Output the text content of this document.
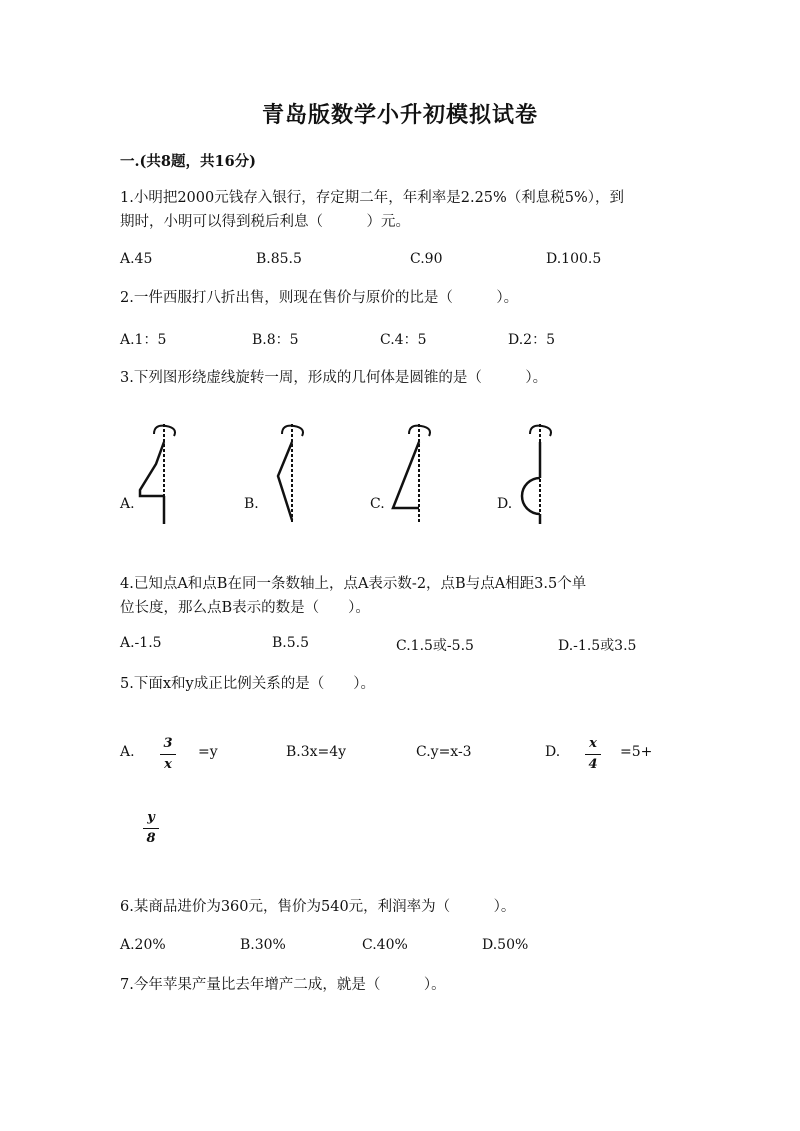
青岛版数学小升初模拟试卷
一.(共8题，共16分)
1.小明把2000元钱存入银行，存定期二年，年利率是2.25%（利息税5%），到
期时，小明可以得到税后利息（　　　）元。
A.45	B.85.5	C.90	D.100.5
2.一件西服打八折出售，则现在售价与原价的比是（　　　）。
A.1：5	B.8：5	C.4：5	D.2：5
3.下列图形绕虚线旋转一周，形成的几何体是圆锥的是（　　　）。
A.	B.	C.	D.
4.已知点A和点B在同一条数轴上，点A表示数-2，点B与点A相距3.5个单
位长度，那么点B表示的数是（　　）。
A.-1.5	B.5.5	C.1.5或-5.5	D.-1.5或3.5
5.下面x和y成正比例关系的是（　　）。
A.
3
x
=y	B.3x=4y	C.y=x-3	D.
x
4
=5+
y
8
6.某商品进价为360元，售价为540元，利润率为（　　　）。
A.20%	B.30%	C.40%	D.50%
7.今年苹果产量比去年增产二成，就是（　　　）。
